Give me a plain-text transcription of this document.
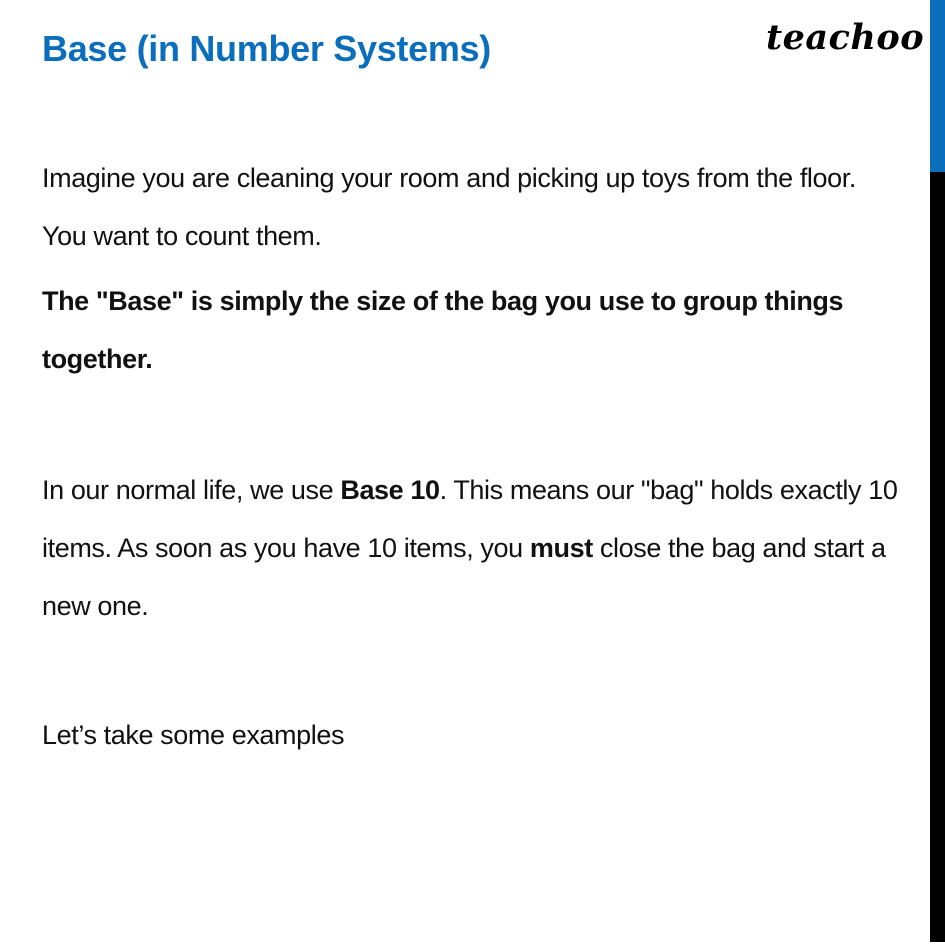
Base (in Number Systems)	teachoo

Imagine you are cleaning your room and picking up toys from the floor. You want to count them.

The "Base" is simply the size of the bag you use to group things together.

In our normal life, we use Base 10. This means our "bag" holds exactly 10 items. As soon as you have 10 items, you must close the bag and start a new one.

Let’s take some examples
